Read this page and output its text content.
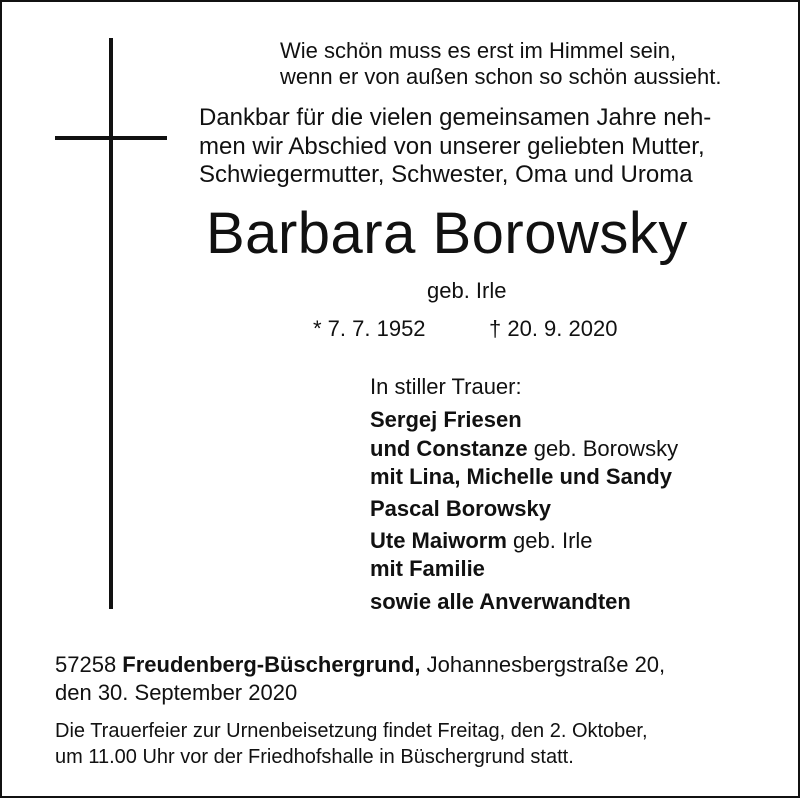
Wie schön muss es erst im Himmel sein,
wenn er von außen schon so schön aussieht.
Dankbar für die vielen gemeinsamen Jahre neh-
men wir Abschied von unserer geliebten Mutter,
Schwiegermutter, Schwester, Oma und Uroma
Barbara Borowsky
geb. Irle
* 7. 7. 1952	† 20. 9. 2020
In stiller Trauer:
Sergej Friesen
und Constanze geb. Borowsky
mit Lina, Michelle und Sandy
Pascal Borowsky
Ute Maiworm geb. Irle
mit Familie
sowie alle Anverwandten
57258 Freudenberg-Büschergrund, Johannesbergstraße 20,
den 30. September 2020
Die Trauerfeier zur Urnenbeisetzung findet Freitag, den 2. Oktober,
um 11.00 Uhr vor der Friedhofshalle in Büschergrund statt.
